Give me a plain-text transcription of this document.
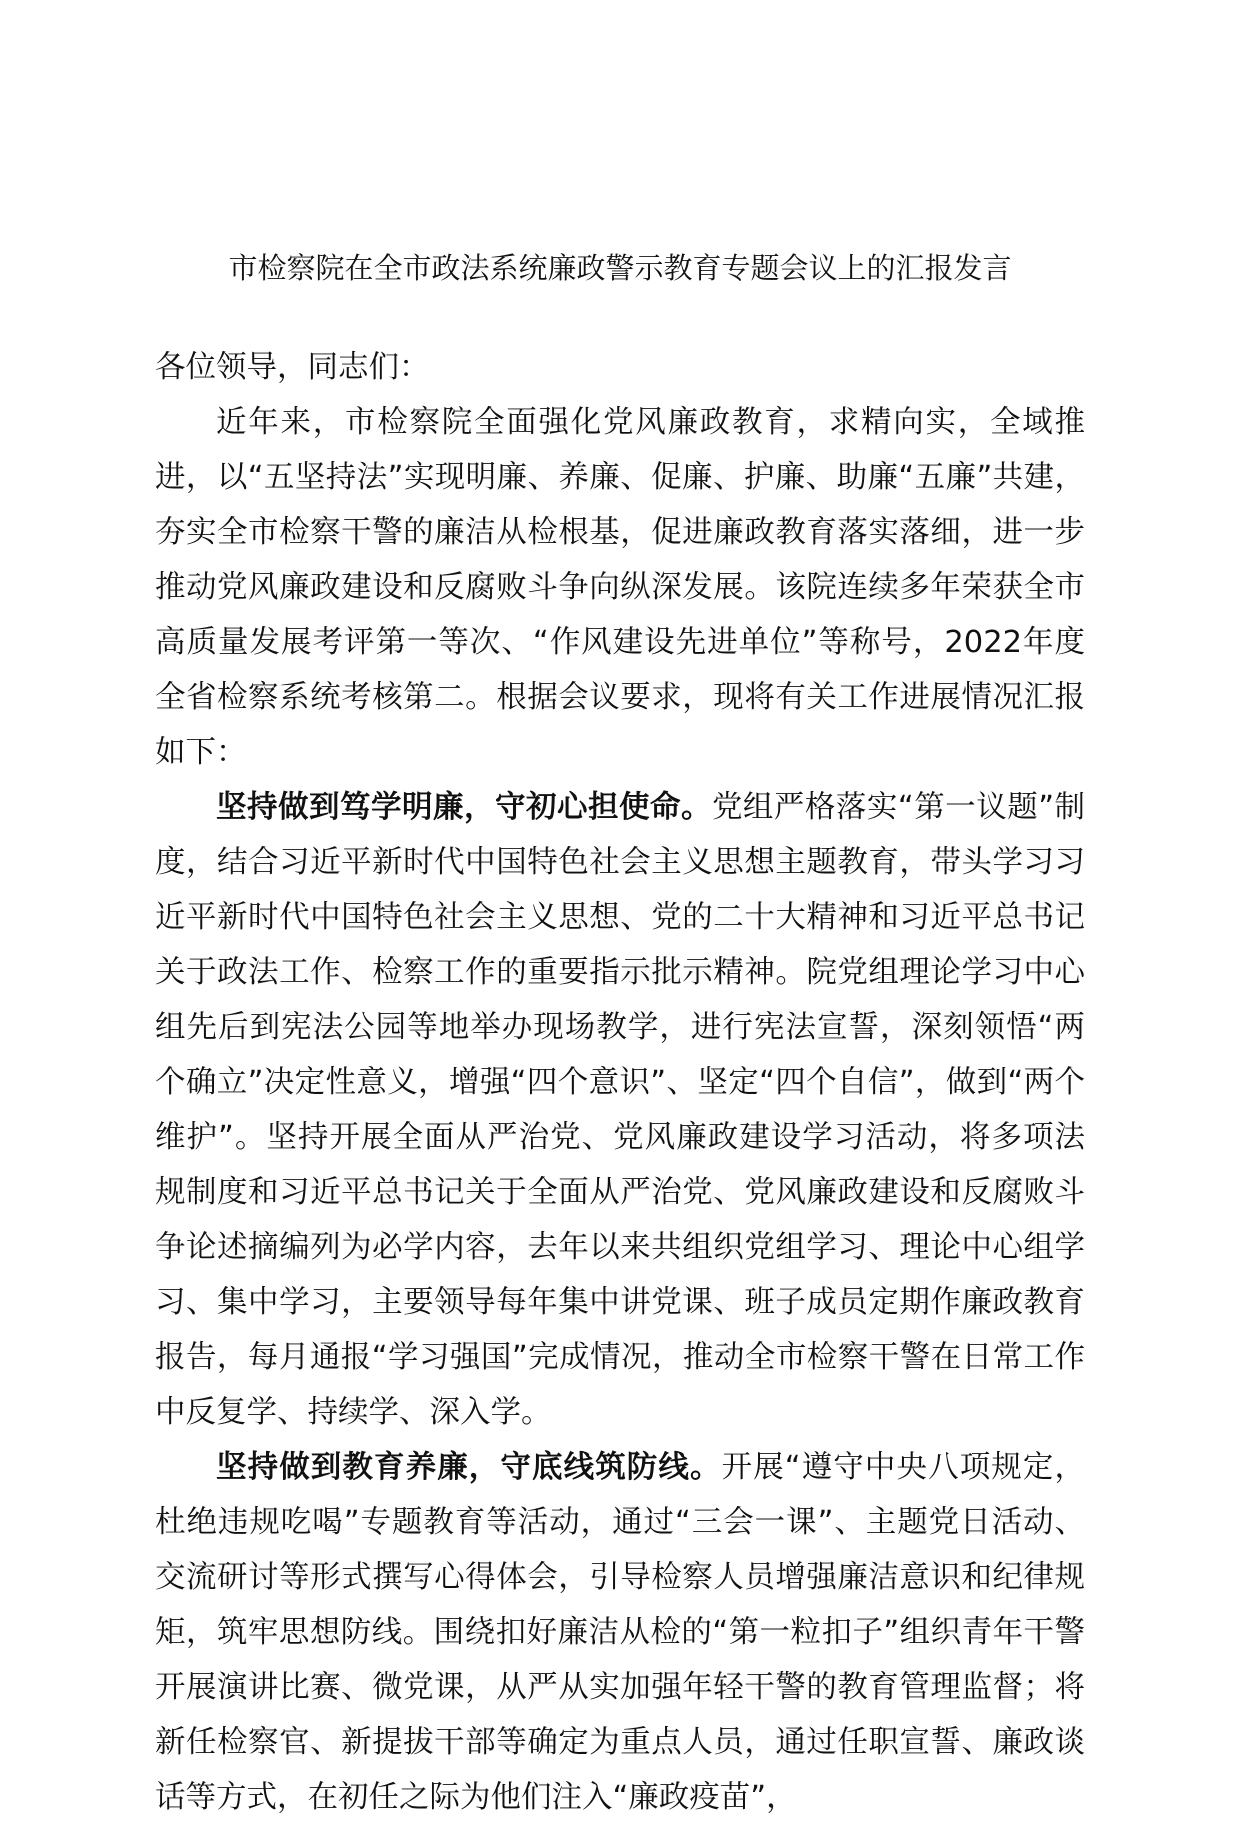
市检察院在全市政法系统廉政警示教育专题会议上的汇报发言

各位领导，同志们：

近年来，市检察院全面强化党风廉政教育，求精向实，全域推进，以“五坚持法”实现明廉、养廉、促廉、护廉、助廉“五廉”共建，夯实全市检察干警的廉洁从检根基，促进廉政教育落实落细，进一步推动党风廉政建设和反腐败斗争向纵深发展。该院连续多年荣获全市高质量发展考评第一等次、“作风建设先进单位”等称号，2022年度全省检察系统考核第二。根据会议要求，现将有关工作进展情况汇报如下：

坚持做到笃学明廉，守初心担使命。党组严格落实“第一议题”制度，结合习近平新时代中国特色社会主义思想主题教育，带头学习习近平新时代中国特色社会主义思想、党的二十大精神和习近平总书记关于政法工作、检察工作的重要指示批示精神。院党组理论学习中心组先后到宪法公园等地举办现场教学，进行宪法宣誓，深刻领悟“两个确立”决定性意义，增强“四个意识”、坚定“四个自信”，做到“两个维护”。坚持开展全面从严治党、党风廉政建设学习活动，将多项法规制度和习近平总书记关于全面从严治党、党风廉政建设和反腐败斗争论述摘编列为必学内容，去年以来共组织党组学习、理论中心组学习、集中学习，主要领导每年集中讲党课、班子成员定期作廉政教育报告，每月通报“学习强国”完成情况，推动全市检察干警在日常工作中反复学、持续学、深入学。

坚持做到教育养廉，守底线筑防线。开展“遵守中央八项规定，杜绝违规吃喝”专题教育等活动，通过“三会一课”、主题党日活动、交流研讨等形式撰写心得体会，引导检察人员增强廉洁意识和纪律规矩，筑牢思想防线。围绕扣好廉洁从检的“第一粒扣子”组织青年干警开展演讲比赛、微党课，从严从实加强年轻干警的教育管理监督；将新任检察官、新提拔干部等确定为重点人员，通过任职宣誓、廉政谈话等方式，在初任之际为他们注入“廉政疫苗”，
